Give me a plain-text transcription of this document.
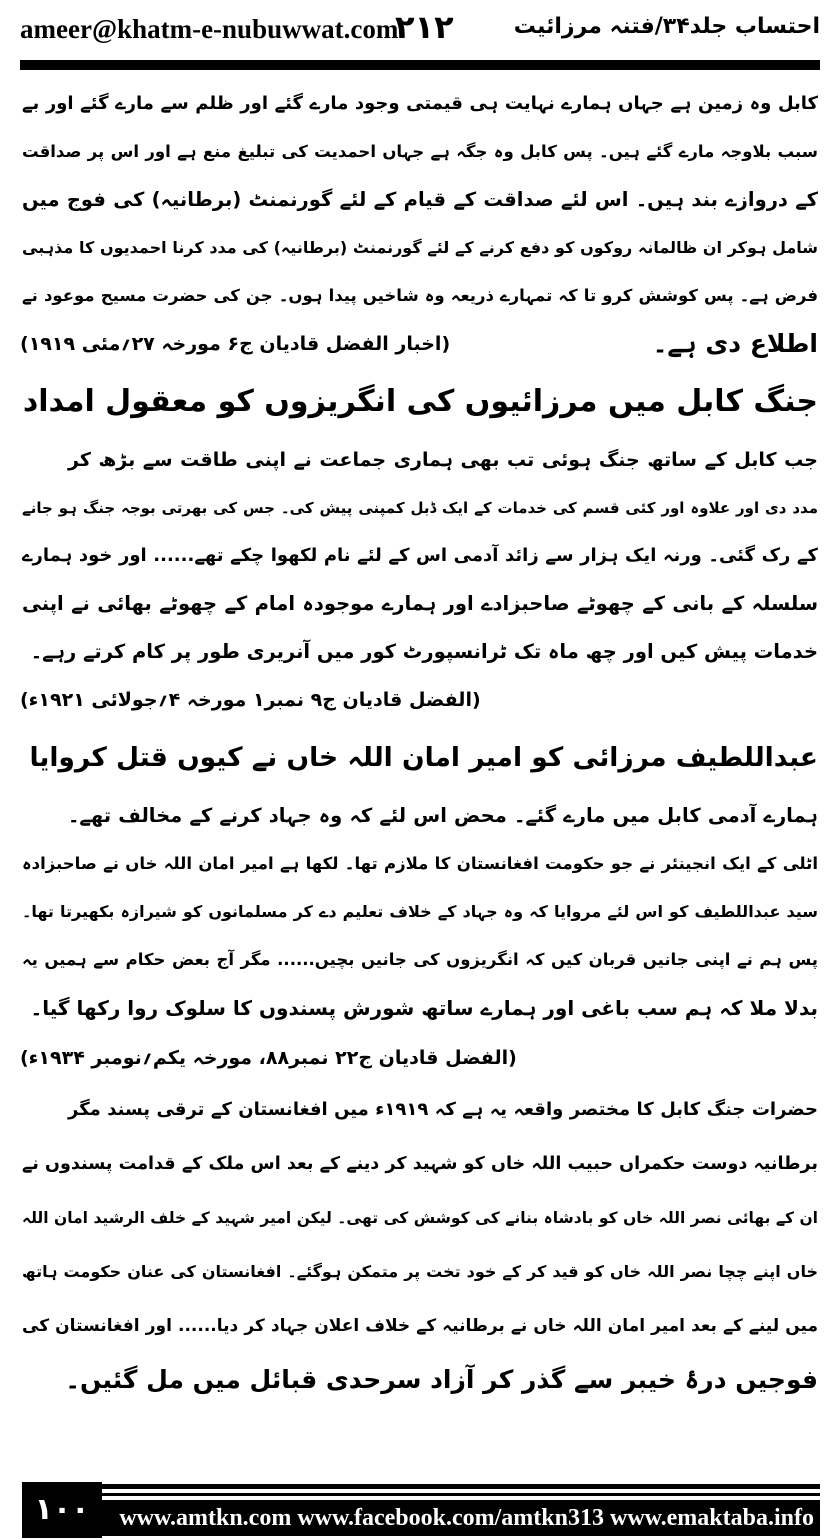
ameer@khatm-e-nubuwwat.com
۲۱۲	احتساب جلد۳۴/فتنہ مرزائیت
کابل وہ زمین ہے جہاں ہمارے نہایت ہی قیمتی وجود مارے گئے اور ظلم سے مارے گئے اور بے
سبب بلاوجہ مارے گئے ہیں۔ پس کابل وہ جگہ ہے جہاں احمدیت کی تبلیغ منع ہے اور اس پر صداقت
کے دروازے بند ہیں۔ اس لئے صداقت کے قیام کے لئے گورنمنٹ (برطانیہ) کی فوج میں
شامل ہوکر ان ظالمانہ روکوں کو دفع کرنے کے لئے گورنمنٹ (برطانیہ) کی مدد کرنا احمدیوں کا مذہبی
فرض ہے۔ پس کوشش کرو تا کہ تمہارے ذریعہ وہ شاخیں پیدا ہوں۔ جن کی حضرت مسیح موعود نے
اطلاع دی ہے۔
(اخبار الفضل قادیان ج۶ مورخہ ۲۷؍مئی ۱۹۱۹)
جنگ کابل میں مرزائیوں کی انگریزوں کو معقول امداد
جب کابل کے ساتھ جنگ ہوئی تب بھی ہماری جماعت نے اپنی طاقت سے بڑھ کر
مدد دی اور علاوہ اور کئی قسم کی خدمات کے ایک ڈبل کمپنی پیش کی۔ جس کی بھرتی بوجہ جنگ ہو جانے
کے رک گئی۔ ورنہ ایک ہزار سے زائد آدمی اس کے لئے نام لکھوا چکے تھے...... اور خود ہمارے
سلسلہ کے بانی کے چھوٹے صاحبزادے اور ہمارے موجودہ امام کے چھوٹے بھائی نے اپنی
خدمات پیش کیں اور چھ ماہ تک ٹرانسپورٹ کور میں آنریری طور پر کام کرتے رہے۔
(الفضل قادیان ج۹ نمبر۱ مورخہ ۴؍جولائی ۱۹۲۱ء)
عبداللطیف مرزائی کو امیر امان اللہ خاں نے کیوں قتل کروایا
ہمارے آدمی کابل میں مارے گئے۔ محض اس لئے کہ وہ جہاد کرنے کے مخالف تھے۔
اٹلی کے ایک انجینئر نے جو حکومت افغانستان کا ملازم تھا۔ لکھا ہے امیر امان اللہ خاں نے صاحبزادہ
سید عبداللطیف کو اس لئے مروایا کہ وہ جہاد کے خلاف تعلیم دے کر مسلمانوں کو شیرازہ بکھیرتا تھا۔
پس ہم نے اپنی جانیں قربان کیں کہ انگریزوں کی جانیں بچیں...... مگر آج بعض حکام سے ہمیں یہ
بدلا ملا کہ ہم سب باغی اور ہمارے ساتھ شورش پسندوں کا سلوک روا رکھا گیا۔
(الفضل قادیان ج۲۲ نمبر۸۸، مورخہ یکم؍نومبر ۱۹۳۴ء)
حضرات جنگ کابل کا مختصر واقعہ یہ ہے کہ ۱۹۱۹ء میں افغانستان کے ترقی پسند مگر
برطانیہ دوست حکمراں حبیب اللہ خاں کو شہید کر دینے کے بعد اس ملک کے قدامت پسندوں نے
ان کے بھائی نصر اللہ خاں کو بادشاہ بنانے کی کوشش کی تھی۔ لیکن امیر شہید کے خلف الرشید امان اللہ
خاں اپنے چچا نصر اللہ خاں کو قید کر کے خود تخت پر متمکن ہوگئے۔ افغانستان کی عنان حکومت ہاتھ
میں لینے کے بعد امیر امان اللہ خاں نے برطانیہ کے خلاف اعلان جہاد کر دیا...... اور افغانستان کی
فوجیں درۂ خیبر سے گذر کر آزاد سرحدی قبائل میں مل گئیں۔
۱۰۰	www.amtkn.com www.facebook.com/amtkn313 www.emaktaba.info
